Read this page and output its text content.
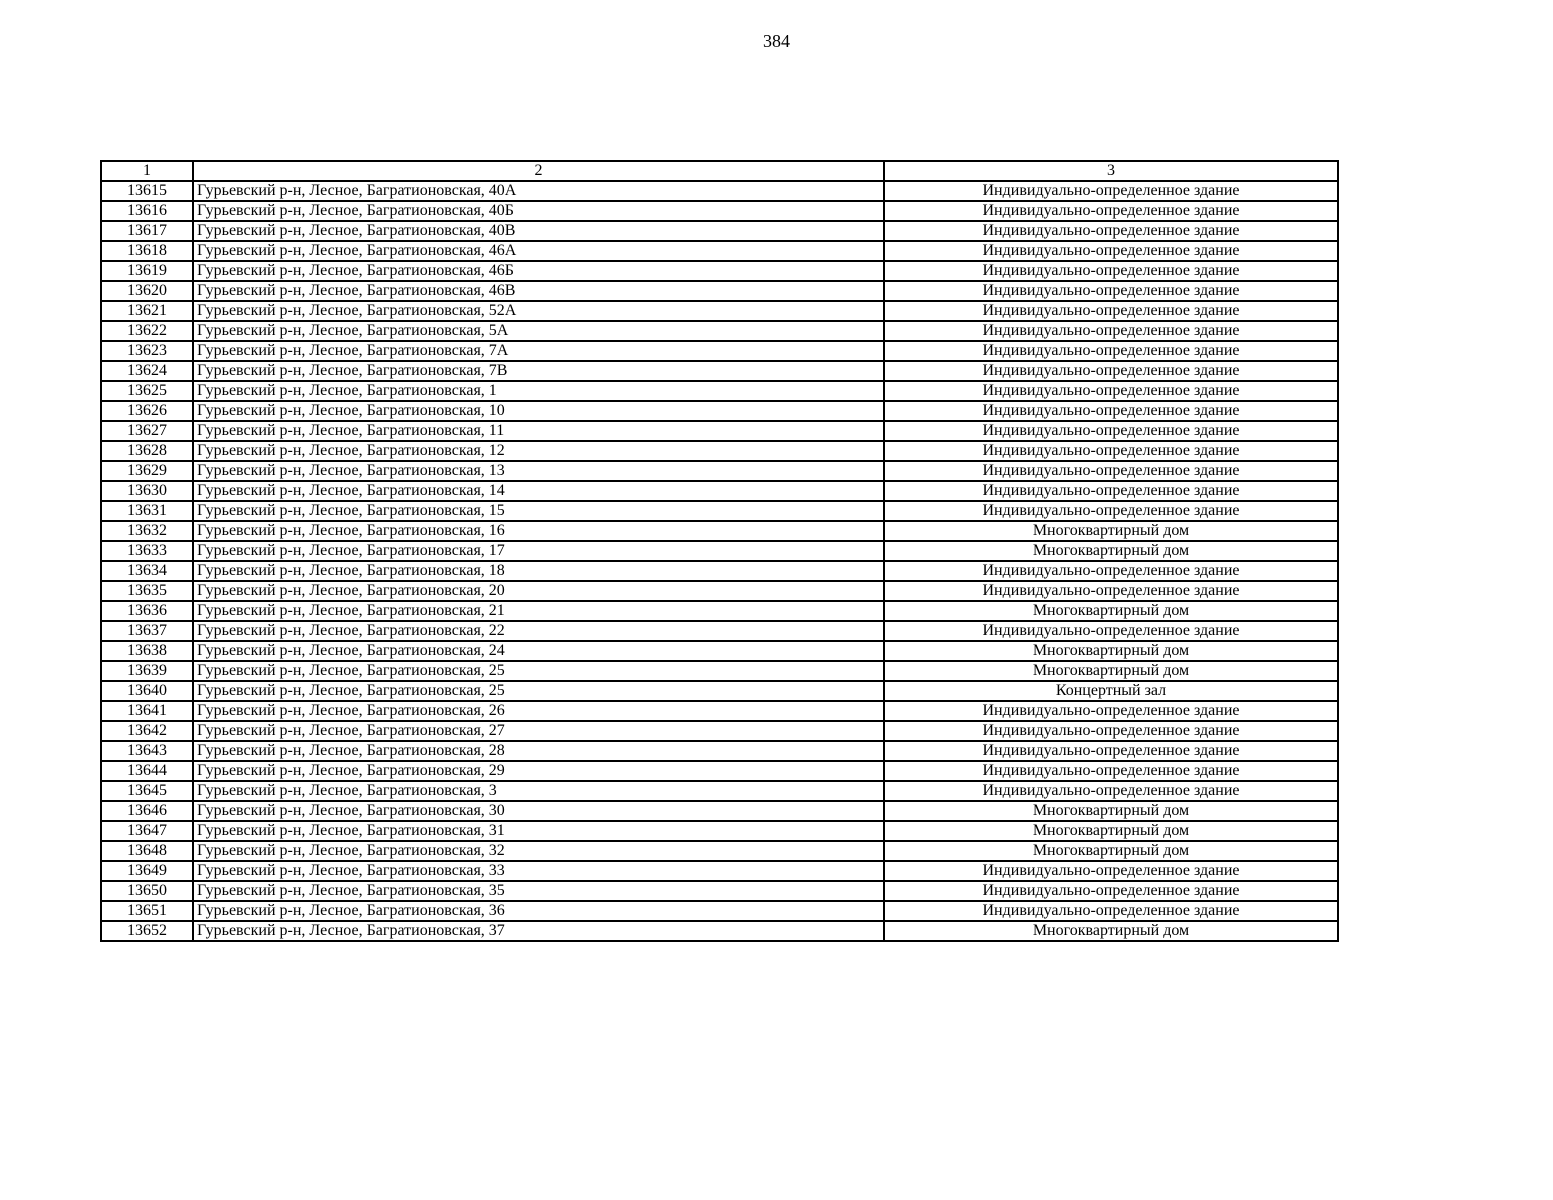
384
1	2	3
13615	Гурьевский р-н, Лесное, Багратионовская, 40А	Индивидуально-определенное здание
13616	Гурьевский р-н, Лесное, Багратионовская, 40Б	Индивидуально-определенное здание
13617	Гурьевский р-н, Лесное, Багратионовская, 40В	Индивидуально-определенное здание
13618	Гурьевский р-н, Лесное, Багратионовская, 46А	Индивидуально-определенное здание
13619	Гурьевский р-н, Лесное, Багратионовская, 46Б	Индивидуально-определенное здание
13620	Гурьевский р-н, Лесное, Багратионовская, 46В	Индивидуально-определенное здание
13621	Гурьевский р-н, Лесное, Багратионовская, 52А	Индивидуально-определенное здание
13622	Гурьевский р-н, Лесное, Багратионовская, 5А	Индивидуально-определенное здание
13623	Гурьевский р-н, Лесное, Багратионовская, 7А	Индивидуально-определенное здание
13624	Гурьевский р-н, Лесное, Багратионовская, 7В	Индивидуально-определенное здание
13625	Гурьевский р-н, Лесное, Багратионовская, 1	Индивидуально-определенное здание
13626	Гурьевский р-н, Лесное, Багратионовская, 10	Индивидуально-определенное здание
13627	Гурьевский р-н, Лесное, Багратионовская, 11	Индивидуально-определенное здание
13628	Гурьевский р-н, Лесное, Багратионовская, 12	Индивидуально-определенное здание
13629	Гурьевский р-н, Лесное, Багратионовская, 13	Индивидуально-определенное здание
13630	Гурьевский р-н, Лесное, Багратионовская, 14	Индивидуально-определенное здание
13631	Гурьевский р-н, Лесное, Багратионовская, 15	Индивидуально-определенное здание
13632	Гурьевский р-н, Лесное, Багратионовская, 16	Многоквартирный дом
13633	Гурьевский р-н, Лесное, Багратионовская, 17	Многоквартирный дом
13634	Гурьевский р-н, Лесное, Багратионовская, 18	Индивидуально-определенное здание
13635	Гурьевский р-н, Лесное, Багратионовская, 20	Индивидуально-определенное здание
13636	Гурьевский р-н, Лесное, Багратионовская, 21	Многоквартирный дом
13637	Гурьевский р-н, Лесное, Багратионовская, 22	Индивидуально-определенное здание
13638	Гурьевский р-н, Лесное, Багратионовская, 24	Многоквартирный дом
13639	Гурьевский р-н, Лесное, Багратионовская, 25	Многоквартирный дом
13640	Гурьевский р-н, Лесное, Багратионовская, 25	Концертный зал
13641	Гурьевский р-н, Лесное, Багратионовская, 26	Индивидуально-определенное здание
13642	Гурьевский р-н, Лесное, Багратионовская, 27	Индивидуально-определенное здание
13643	Гурьевский р-н, Лесное, Багратионовская, 28	Индивидуально-определенное здание
13644	Гурьевский р-н, Лесное, Багратионовская, 29	Индивидуально-определенное здание
13645	Гурьевский р-н, Лесное, Багратионовская, 3	Индивидуально-определенное здание
13646	Гурьевский р-н, Лесное, Багратионовская, 30	Многоквартирный дом
13647	Гурьевский р-н, Лесное, Багратионовская, 31	Многоквартирный дом
13648	Гурьевский р-н, Лесное, Багратионовская, 32	Многоквартирный дом
13649	Гурьевский р-н, Лесное, Багратионовская, 33	Индивидуально-определенное здание
13650	Гурьевский р-н, Лесное, Багратионовская, 35	Индивидуально-определенное здание
13651	Гурьевский р-н, Лесное, Багратионовская, 36	Индивидуально-определенное здание
13652	Гурьевский р-н, Лесное, Багратионовская, 37	Многоквартирный дом
